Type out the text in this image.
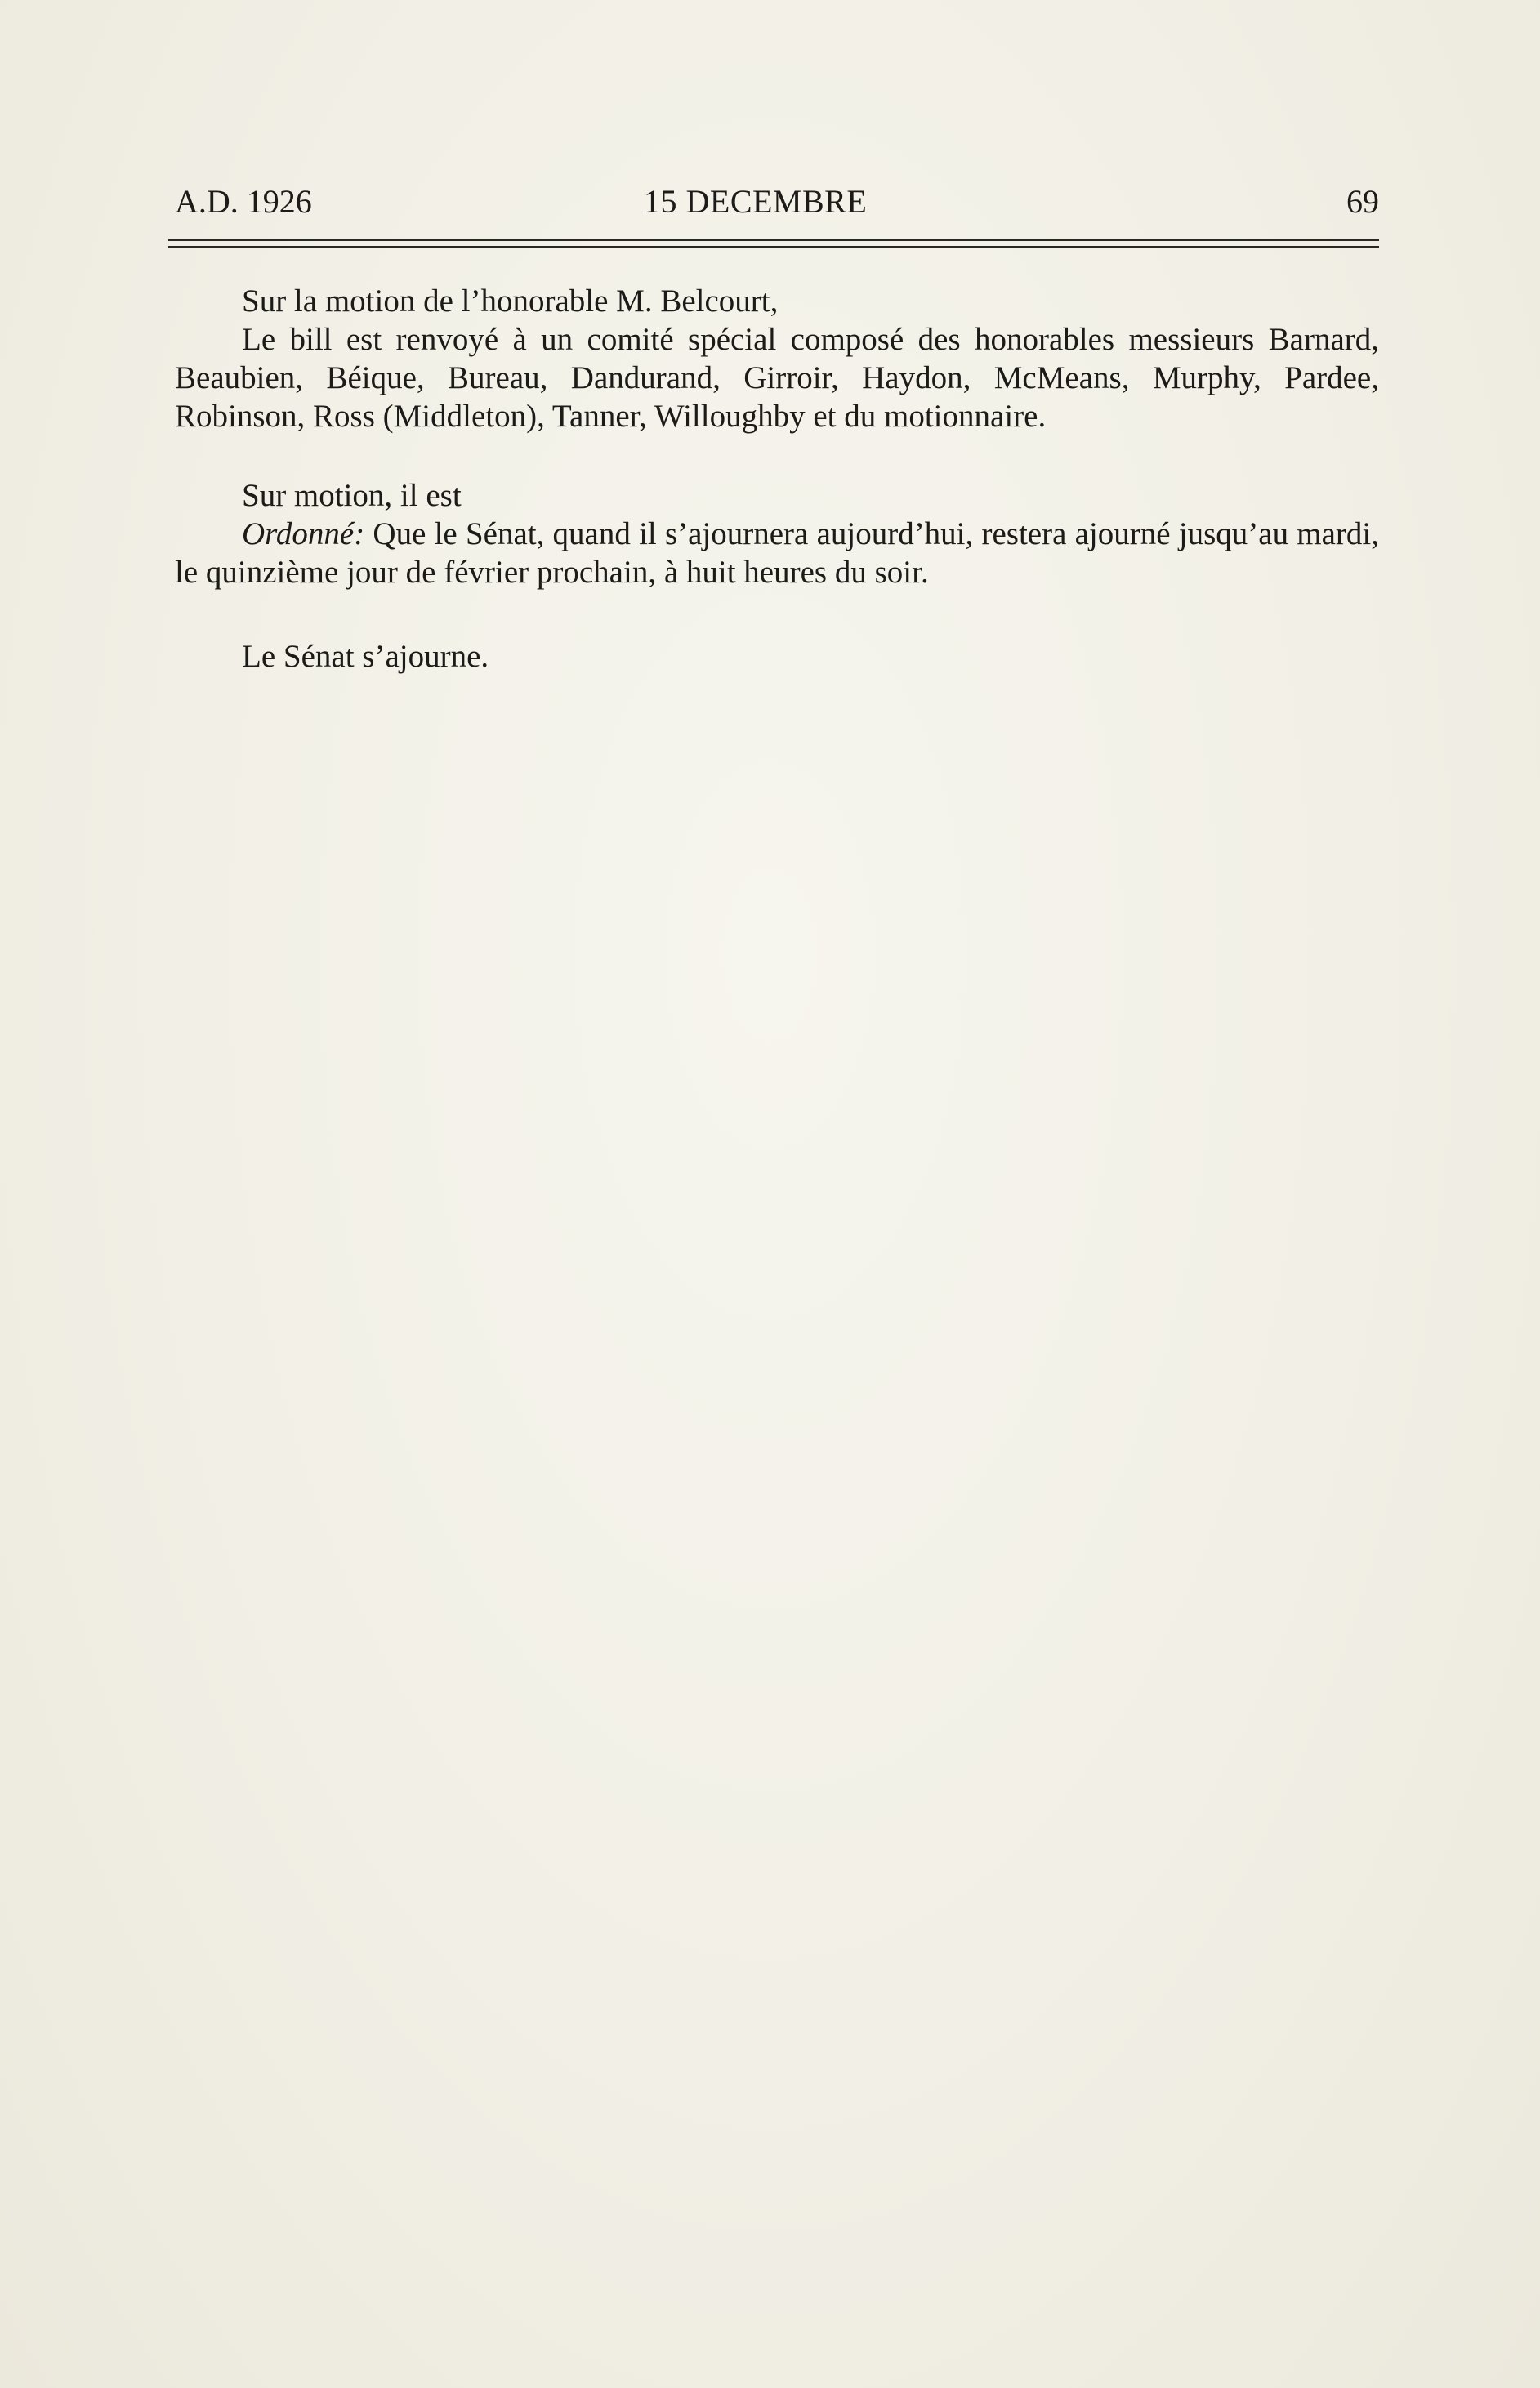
A.D. 1926	15 DECEMBRE	69

Sur la motion de l’honorable M. Belcourt,

Le bill est renvoyé à un comité spécial composé des honorables messieurs Barnard, Beaubien, Béique, Bureau, Dandurand, Girroir, Haydon, McMeans, Murphy, Pardee, Robinson, Ross (Middleton), Tanner, Willoughby et du motionnaire.

Sur motion, il est

Ordonné: Que le Sénat, quand il s’ajournera aujourd’hui, restera ajourné jusqu’au mardi, le quinzième jour de février prochain, à huit heures du soir.

Le Sénat s’ajourne.
